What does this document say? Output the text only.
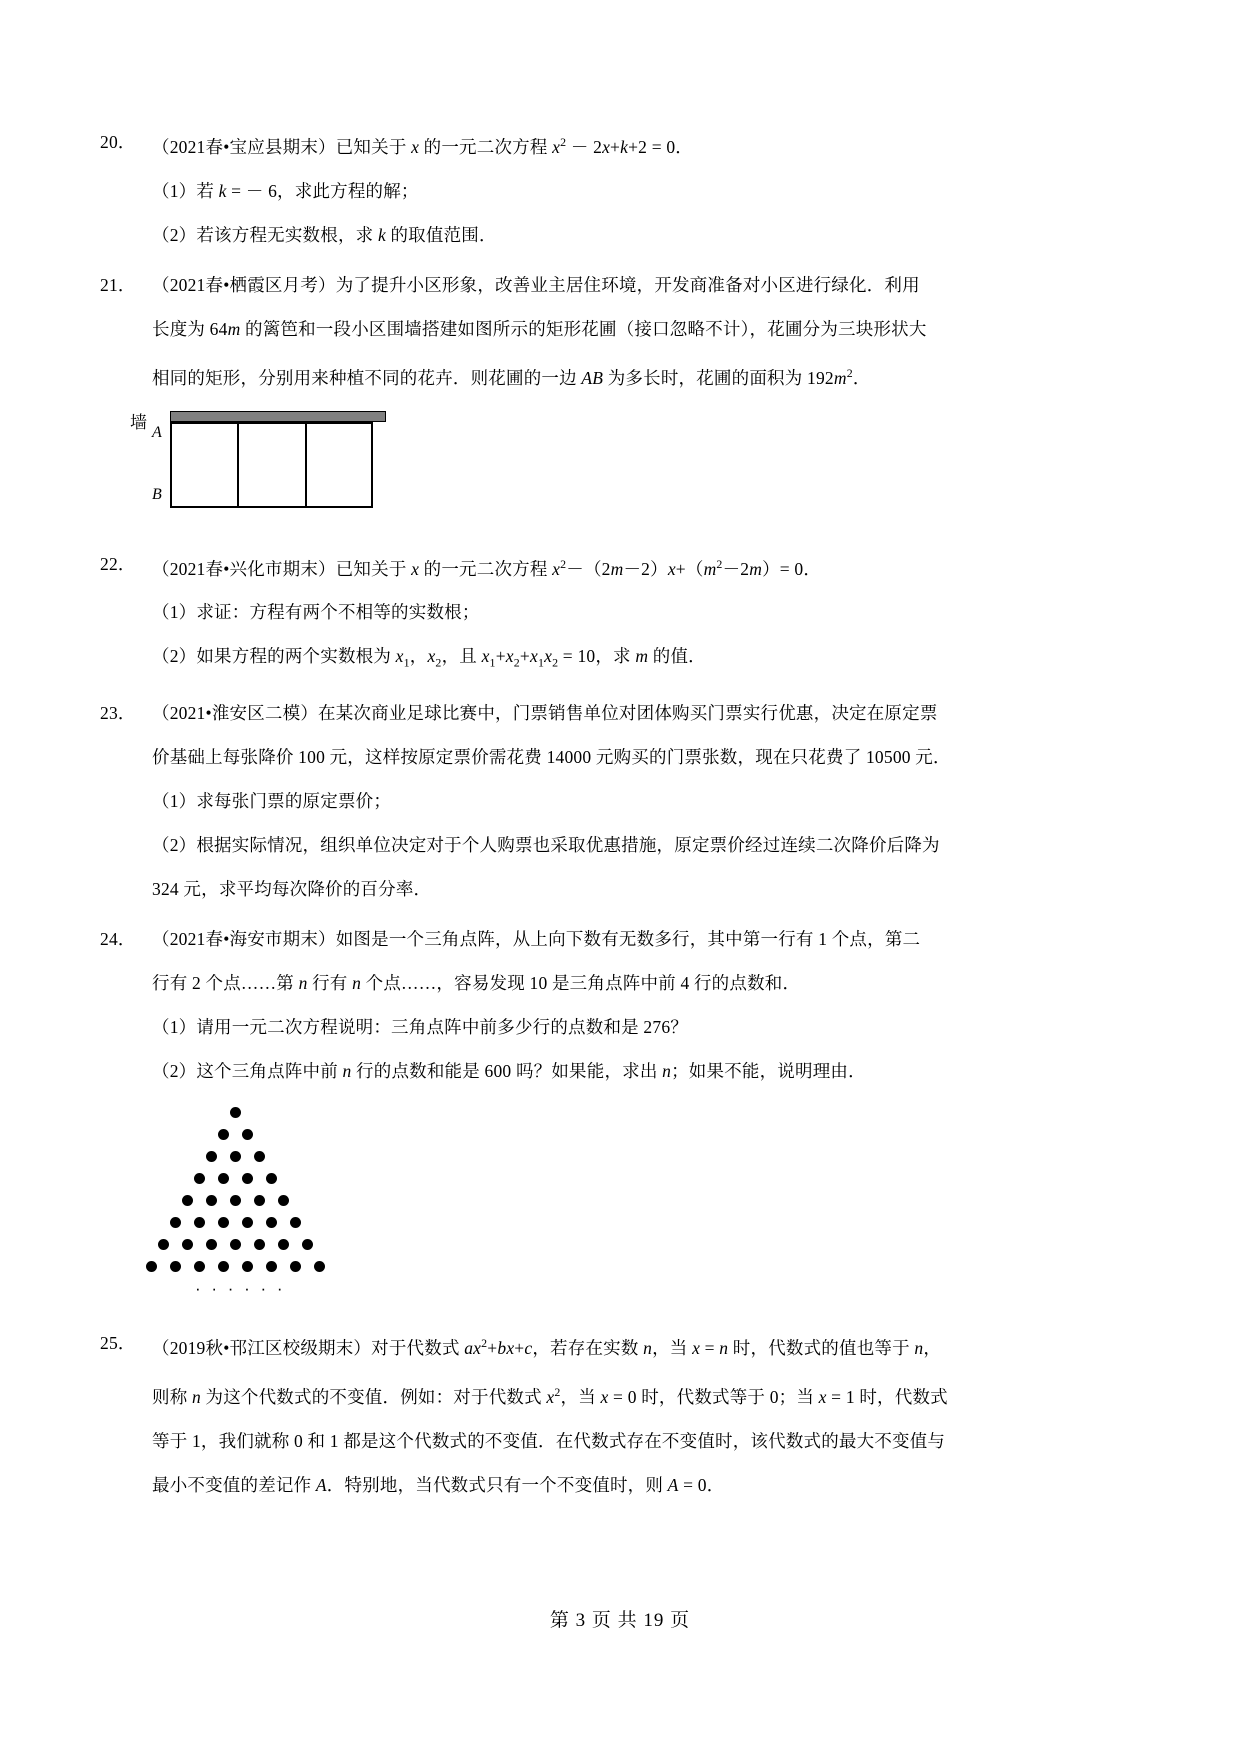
20． （2021春•宝应县期末）已知关于 x 的一元二次方程 $x^2 - 2x+k+2 = 0$．
（1）若 k = － 6，求此方程的解；
（2）若该方程无实数根，求 k 的取值范围．
21． （2021春•栖霞区月考）为了提升小区形象，改善业主居住环境，开发商准备对小区进行绿化．利用
长度为 64m 的篱笆和一段小区围墙搭建如图所示的矩形花圃（接口忽略不计），花圃分为三块形状大
相同的矩形，分别用来种植不同的花卉．则花圃的一边 AB 为多长时，花圃的面积为 $192m^2$．
墙
A
B
22． （2021春•兴化市期末）已知关于 x 的一元二次方程 $x^2-(2m-2)x+(m^2-2m)= 0$．
（1）求证：方程有两个不相等的实数根；
（2）如果方程的两个实数根为 $x_1$，$x_2$，且 $x_1+x_2+x_1x_2 = 10$，求 m 的值．
23． （2021•淮安区二模）在某次商业足球比赛中，门票销售单位对团体购买门票实行优惠，决定在原定票
价基础上每张降价 100 元，这样按原定票价需花费 14000 元购买的门票张数，现在只花费了 10500 元．
（1）求每张门票的原定票价；
（2）根据实际情况，组织单位决定对于个人购票也采取优惠措施，原定票价经过连续二次降价后降为
324 元，求平均每次降价的百分率．
24． （2021春•海安市期末）如图是一个三角点阵，从上向下数有无数多行，其中第一行有 1 个点，第二
行有 2 个点……第 n 行有 n 个点……，容易发现 10 是三角点阵中前 4 行的点数和．
（1）请用一元二次方程说明：三角点阵中前多少行的点数和是 276？
（2）这个三角点阵中前 n 行的点数和能是 600 吗？如果能，求出 n；如果不能，说明理由．
· · · · · ·
25． （2019秋•邗江区校级期末）对于代数式 $ax^2+bx+c$，若存在实数 n，当 x = n 时，代数式的值也等于 n，
则称 n 为这个代数式的不变值．例如：对于代数式 $x^2$，当 x = 0 时，代数式等于 0；当 x = 1 时，代数式
等于 1，我们就称 0 和 1 都是这个代数式的不变值．在代数式存在不变值时，该代数式的最大不变值与
最小不变值的差记作 A．特别地，当代数式只有一个不变值时，则 A = 0．
第 3 页 共 19 页
